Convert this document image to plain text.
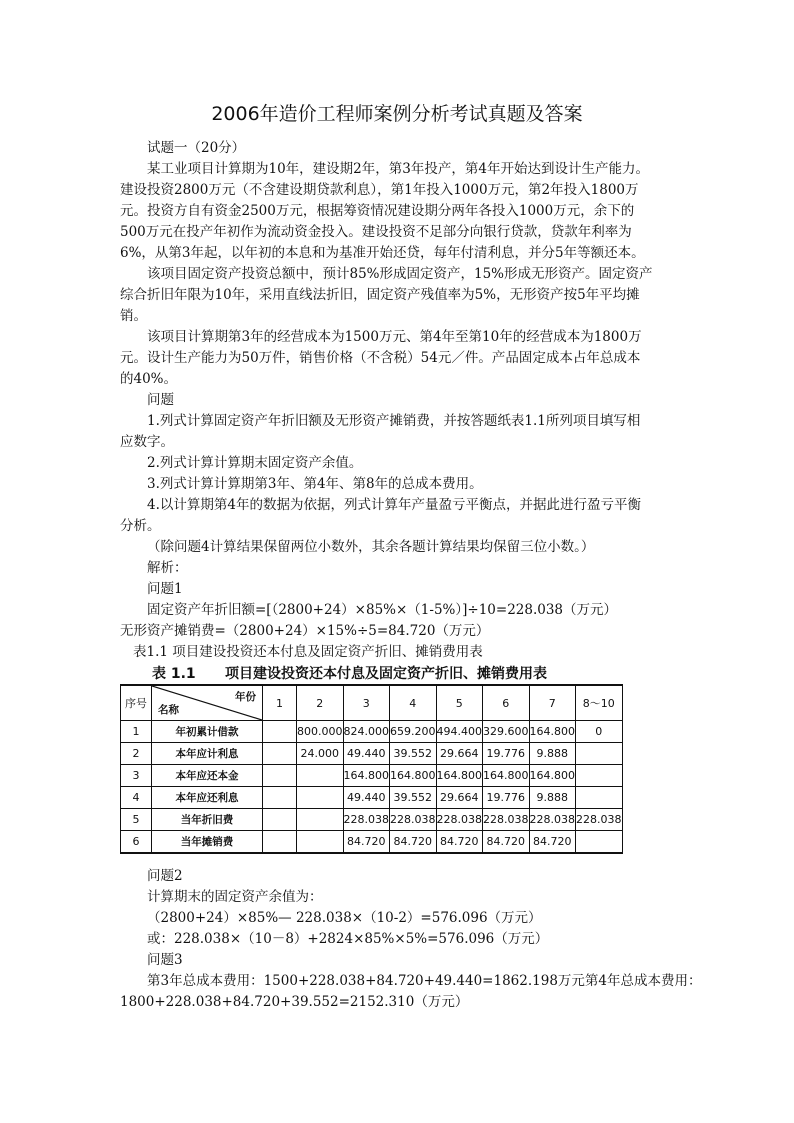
2006年造价工程师案例分析考试真题及答案
试题一（20分）
某工业项目计算期为10年，建设期2年，第3年投产，第4年开始达到设计生产能力。
建设投资2800万元（不含建设期贷款利息），第1年投入1000万元，第2年投入1800万
元。投资方自有资金2500万元，根据筹资情况建设期分两年各投入1000万元，余下的
500万元在投产年初作为流动资金投入。建设投资不足部分向银行贷款，贷款年利率为
6%，从第3年起，以年初的本息和为基准开始还贷，每年付清利息，并分5年等额还本。
该项目固定资产投资总额中，预计85%形成固定资产，15%形成无形资产。固定资产
综合折旧年限为10年，采用直线法折旧，固定资产残值率为5%，无形资产按5年平均摊
销。
该项目计算期第3年的经营成本为1500万元、第4年至第10年的经营成本为1800万
元。设计生产能力为50万件，销售价格（不含税）54元／件。产品固定成本占年总成本
的40%。
问题
1.列式计算固定资产年折旧额及无形资产摊销费，并按答题纸表1.1所列项目填写相
应数字。
2.列式计算计算期末固定资产余值。
3.列式计算计算期第3年、第4年、第8年的总成本费用。
4.以计算期第4年的数据为依据，列式计算年产量盈亏平衡点，并据此进行盈亏平衡
分析。
（除问题4计算结果保留两位小数外，其余各题计算结果均保留三位小数。）
解析：
问题1
固定资产年折旧额=[（2800+24）×85%×（1-5%）]÷10=228.038（万元）
无形资产摊销费=（2800+24）×15%÷5=84.720（万元）
表1.1 项目建设投资还本付息及固定资产折旧、摊销费用表
表 1.1 项目建设投资还本付息及固定资产折旧、摊销费用表
序号	年份
名称	1	2	3	4	5	6	7	8～10
1	年初累计借款		800.000	824.000	659.200	494.400	329.600	164.800	0
2	本年应计利息		24.000	49.440	39.552	29.664	19.776	9.888	
3	本年应还本金			164.800	164.800	164.800	164.800	164.800	
4	本年应还利息			49.440	39.552	29.664	19.776	9.888	
5	当年折旧费			228.038	228.038	228.038	228.038	228.038	228.038
6	当年摊销费			84.720	84.720	84.720	84.720	84.720	
问题2
计算期末的固定资产余值为：
（2800+24）×85%— 228.038×（10-2）=576.096（万元）
或：228.038×（10－8）+2824×85%×5%=576.096（万元）
问题3
第3年总成本费用：1500+228.038+84.720+49.440=1862.198万元第4年总成本费用：
1800+228.038+84.720+39.552=2152.310（万元）
